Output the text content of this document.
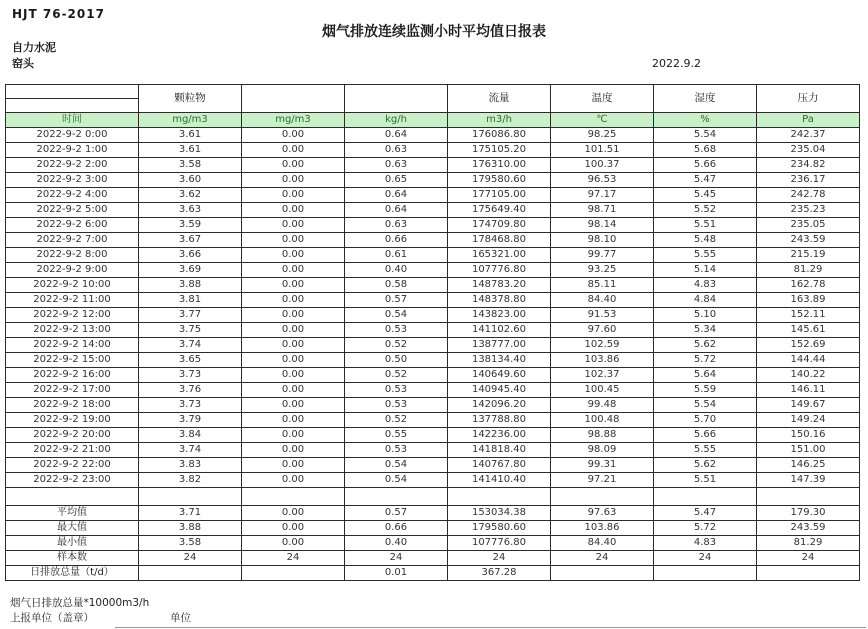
HJT 76-2017
烟气排放连续监测小时平均值日报表
自力水泥
窑头	2022.9.2
	颗粒物			流量	温度	湿度	压力

时间	mg/m3	mg/m3	kg/h	m3/h	℃	%	Pa
2022-9-2 0:00	3.61	0.00	0.64	176086.80	98.25	5.54	242.37
2022-9-2 1:00	3.61	0.00	0.63	175105.20	101.51	5.68	235.04
2022-9-2 2:00	3.58	0.00	0.63	176310.00	100.37	5.66	234.82
2022-9-2 3:00	3.60	0.00	0.65	179580.60	96.53	5.47	236.17
2022-9-2 4:00	3.62	0.00	0.64	177105.00	97.17	5.45	242.78
2022-9-2 5:00	3.63	0.00	0.64	175649.40	98.71	5.52	235.23
2022-9-2 6:00	3.59	0.00	0.63	174709.80	98.14	5.51	235.05
2022-9-2 7:00	3.67	0.00	0.66	178468.80	98.10	5.48	243.59
2022-9-2 8:00	3.66	0.00	0.61	165321.00	99.77	5.55	215.19
2022-9-2 9:00	3.69	0.00	0.40	107776.80	93.25	5.14	81.29
2022-9-2 10:00	3.88	0.00	0.58	148783.20	85.11	4.83	162.78
2022-9-2 11:00	3.81	0.00	0.57	148378.80	84.40	4.84	163.89
2022-9-2 12:00	3.77	0.00	0.54	143823.00	91.53	5.10	152.11
2022-9-2 13:00	3.75	0.00	0.53	141102.60	97.60	5.34	145.61
2022-9-2 14:00	3.74	0.00	0.52	138777.00	102.59	5.62	152.69
2022-9-2 15:00	3.65	0.00	0.50	138134.40	103.86	5.72	144.44
2022-9-2 16:00	3.73	0.00	0.52	140649.60	102.37	5.64	140.22
2022-9-2 17:00	3.76	0.00	0.53	140945.40	100.45	5.59	146.11
2022-9-2 18:00	3.73	0.00	0.53	142096.20	99.48	5.54	149.67
2022-9-2 19:00	3.79	0.00	0.52	137788.80	100.48	5.70	149.24
2022-9-2 20:00	3.84	0.00	0.55	142236.00	98.88	5.66	150.16
2022-9-2 21:00	3.74	0.00	0.53	141818.40	98.09	5.55	151.00
2022-9-2 22:00	3.83	0.00	0.54	140767.80	99.31	5.62	146.25
2022-9-2 23:00	3.82	0.00	0.54	141410.40	97.21	5.51	147.39

平均值	3.71	0.00	0.57	153034.38	97.63	5.47	179.30
最大值	3.88	0.00	0.66	179580.60	103.86	5.72	243.59
最小值	3.58	0.00	0.40	107776.80	84.40	4.83	81.29
样本数	24	24	24	24	24	24	24
日排放总量（t/d）			0.01	367.28			
烟气日排放总量*10000m3/h
上报单位（盖章）	单位
